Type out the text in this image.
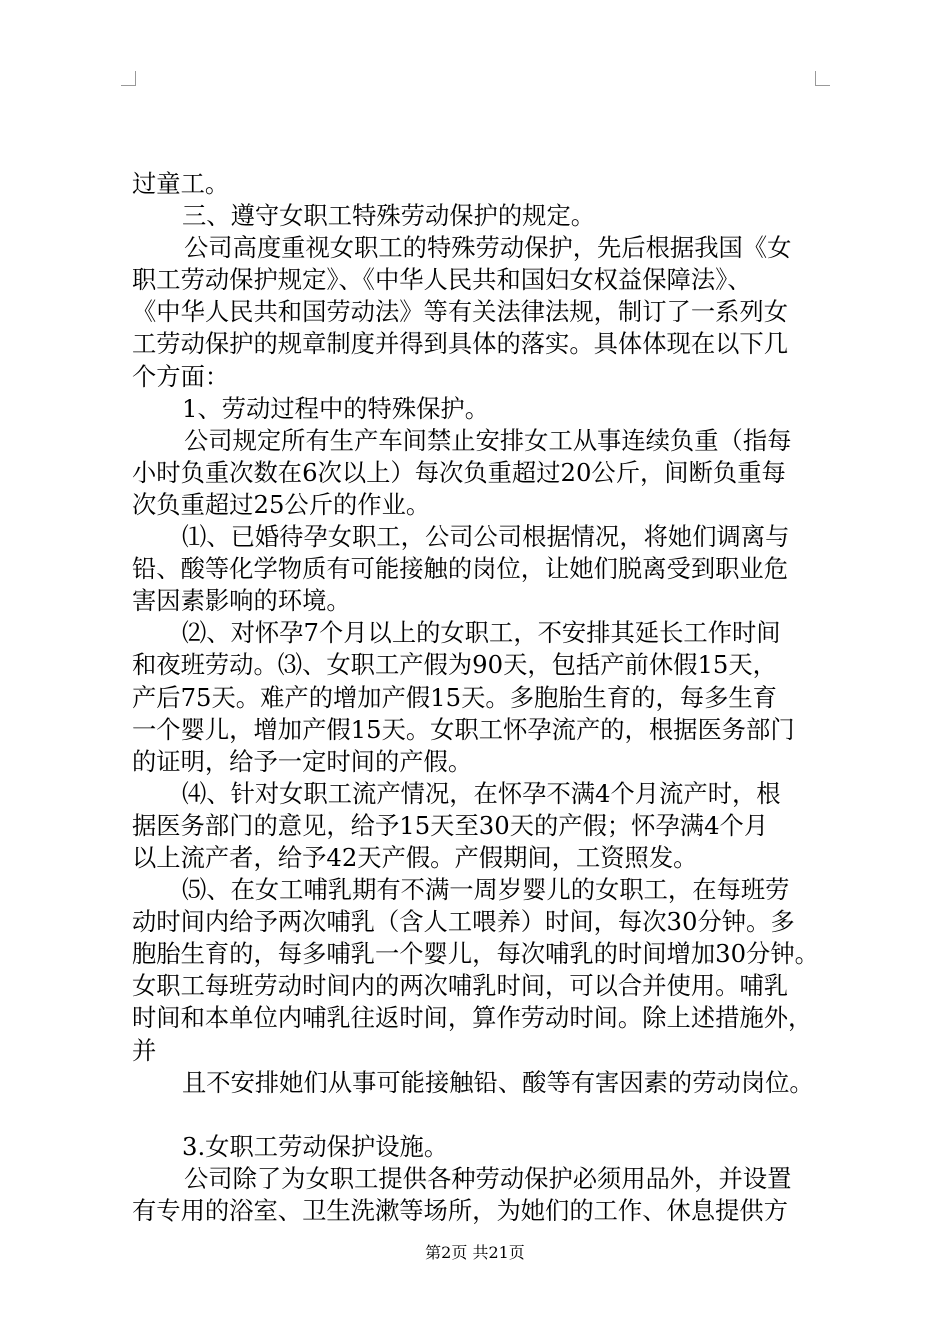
过童工。
三、遵守女职工特殊劳动保护的规定。
公司高度重视女职工的特殊劳动保护，先后根据我国《女
职工劳动保护规定》、《中华人民共和国妇女权益保障法》、
《中华人民共和国劳动法》等有关法律法规，制订了一系列女
工劳动保护的规章制度并得到具体的落实。具体体现在以下几
个方面：
1、劳动过程中的特殊保护。
公司规定所有生产车间禁止安排女工从事连续负重（指每
小时负重次数在6次以上）每次负重超过20公斤，间断负重每
次负重超过25公斤的作业。
⑴、已婚待孕女职工，公司公司根据情况，将她们调离与
铅、酸等化学物质有可能接触的岗位，让她们脱离受到职业危
害因素影响的环境。
⑵、对怀孕7个月以上的女职工，不安排其延长工作时间
和夜班劳动。⑶、女职工产假为90天，包括产前休假15天，
产后75天。难产的增加产假15天。多胞胎生育的，每多生育
一个婴儿，增加产假15天。女职工怀孕流产的，根据医务部门
的证明，给予一定时间的产假。
⑷、针对女职工流产情况，在怀孕不满4个月流产时，根
据医务部门的意见，给予15天至30天的产假；怀孕满4个月
以上流产者，给予42天产假。产假期间，工资照发。
⑸、在女工哺乳期有不满一周岁婴儿的女职工，在每班劳
动时间内给予两次哺乳（含人工喂养）时间，每次30分钟。多
胞胎生育的，每多哺乳一个婴儿，每次哺乳的时间增加30分钟。
女职工每班劳动时间内的两次哺乳时间，可以合并使用。哺乳
时间和本单位内哺乳往返时间，算作劳动时间。除上述措施外，
并
且不安排她们从事可能接触铅、酸等有害因素的劳动岗位。
3.女职工劳动保护设施。
公司除了为女职工提供各种劳动保护必须用品外，并设置
有专用的浴室、卫生洗漱等场所，为她们的工作、休息提供方
第2页 共21页
